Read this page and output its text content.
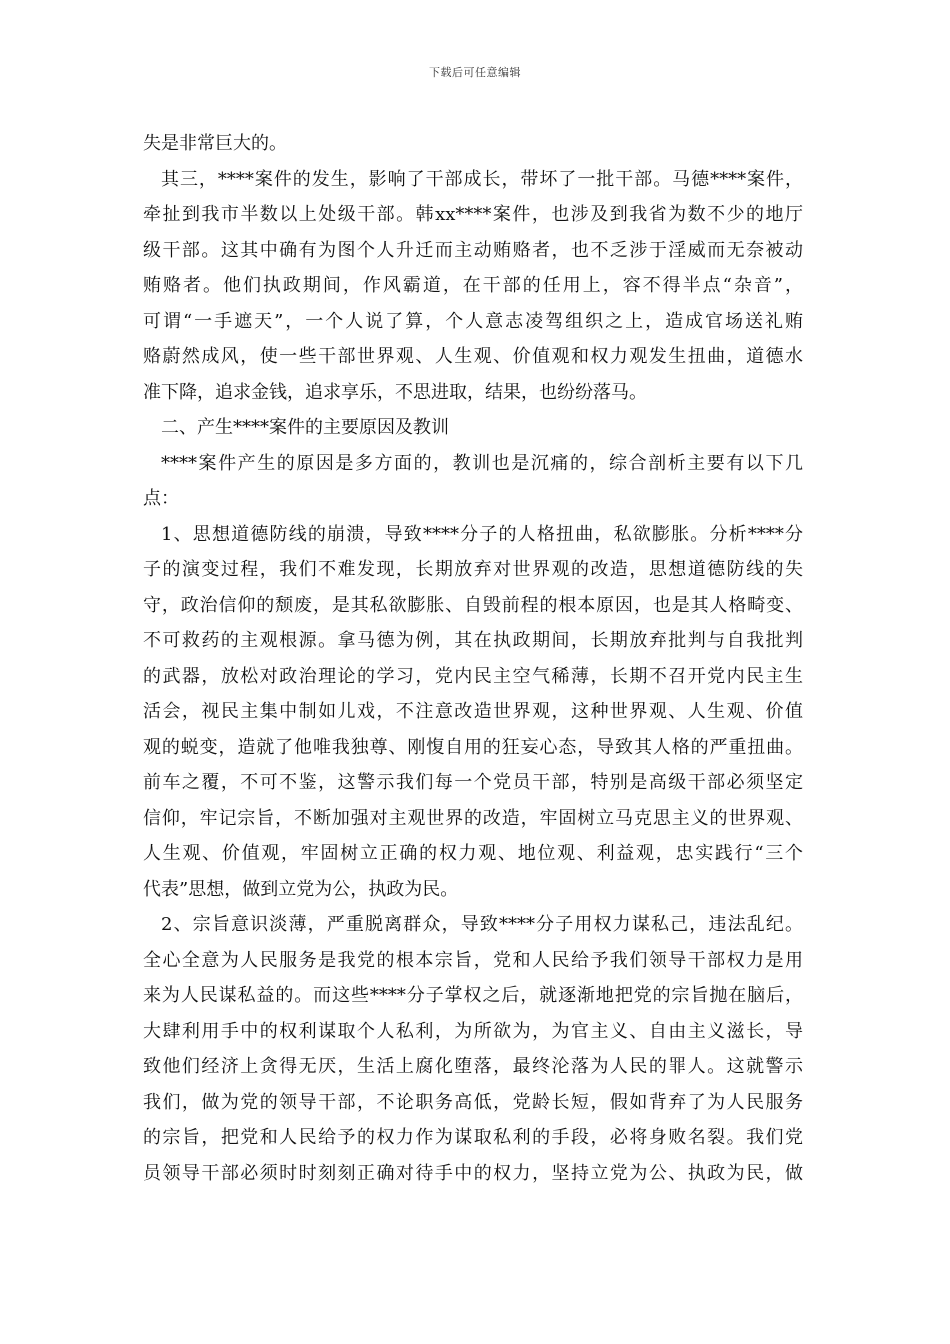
下载后可任意编辑
失是非常巨大的。
其三，****案件的发生，影响了干部成长，带坏了一批干部。马德****案件，
牵扯到我市半数以上处级干部。韩xx****案件，也涉及到我省为数不少的地厅
级干部。这其中确有为图个人升迁而主动贿赂者，也不乏涉于淫威而无奈被动
贿赂者。他们执政期间，作风霸道，在干部的任用上，容不得半点“杂音”，
可谓“一手遮天”，一个人说了算，个人意志凌驾组织之上，造成官场送礼贿
赂蔚然成风，使一些干部世界观、人生观、价值观和权力观发生扭曲，道德水
准下降，追求金钱，追求享乐，不思进取，结果，也纷纷落马。
二、产生****案件的主要原因及教训
****案件产生的原因是多方面的，教训也是沉痛的，综合剖析主要有以下几
点：
1、思想道德防线的崩溃，导致****分子的人格扭曲，私欲膨胀。分析****分
子的演变过程，我们不难发现，长期放弃对世界观的改造，思想道德防线的失
守，政治信仰的颓废，是其私欲膨胀、自毁前程的根本原因，也是其人格畸变、
不可救药的主观根源。拿马德为例，其在执政期间，长期放弃批判与自我批判
的武器，放松对政治理论的学习，党内民主空气稀薄，长期不召开党内民主生
活会，视民主集中制如儿戏，不注意改造世界观，这种世界观、人生观、价值
观的蜕变，造就了他唯我独尊、刚愎自用的狂妄心态，导致其人格的严重扭曲。
前车之覆，不可不鉴，这警示我们每一个党员干部，特别是高级干部必须坚定
信仰，牢记宗旨，不断加强对主观世界的改造，牢固树立马克思主义的世界观、
人生观、价值观，牢固树立正确的权力观、地位观、利益观，忠实践行“三个
代表”思想，做到立党为公，执政为民。
2、宗旨意识淡薄，严重脱离群众，导致****分子用权力谋私己，违法乱纪。
全心全意为人民服务是我党的根本宗旨，党和人民给予我们领导干部权力是用
来为人民谋私益的。而这些****分子掌权之后，就逐渐地把党的宗旨抛在脑后，
大肆利用手中的权利谋取个人私利，为所欲为，为官主义、自由主义滋长，导
致他们经济上贪得无厌，生活上腐化堕落，最终沦落为人民的罪人。这就警示
我们，做为党的领导干部，不论职务高低，党龄长短，假如背弃了为人民服务
的宗旨，把党和人民给予的权力作为谋取私利的手段，必将身败名裂。我们党
员领导干部必须时时刻刻正确对待手中的权力，坚持立党为公、执政为民，做
